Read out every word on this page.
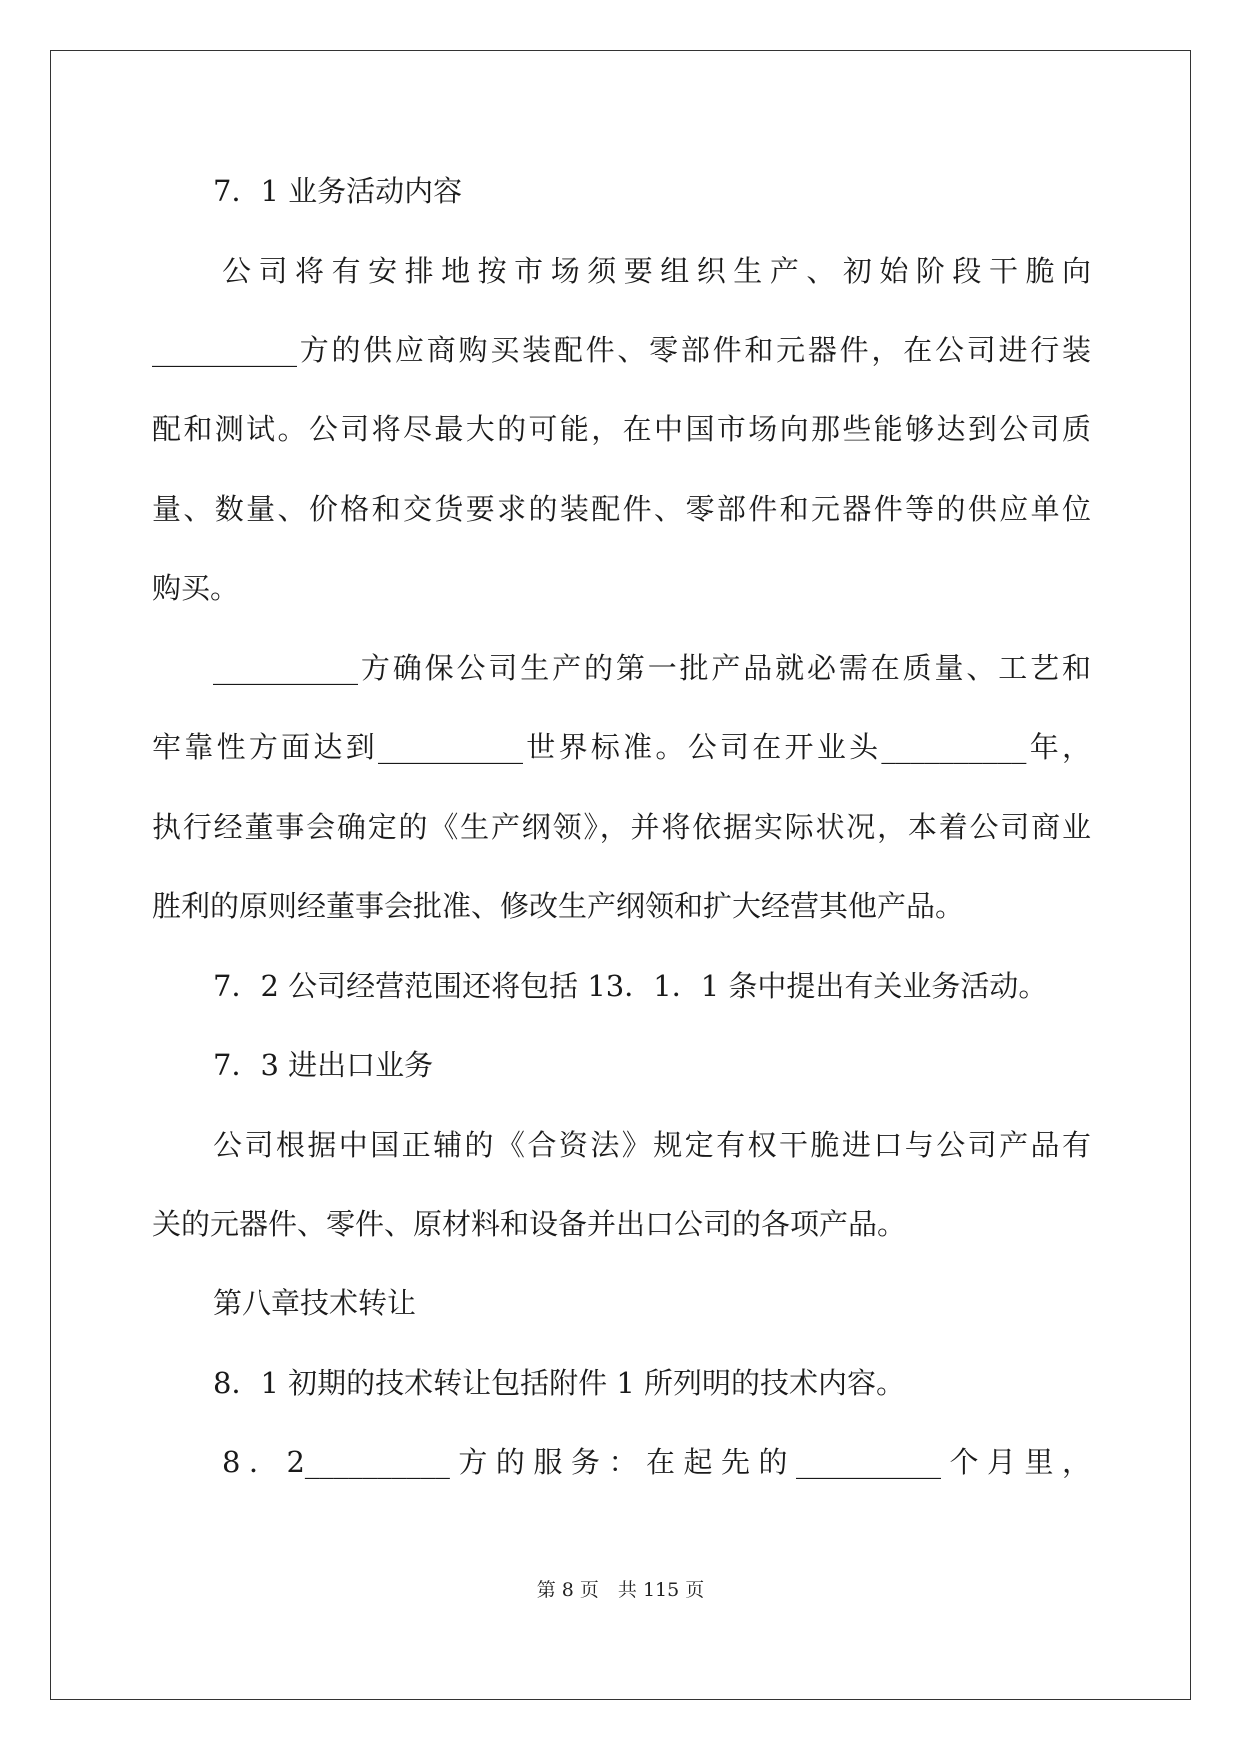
7．1 业务活动内容

公司将有安排地按市场须要组织生产、初始阶段干脆向

__________方的供应商购买装配件、零部件和元器件，在公司进行装

配和测试。公司将尽最大的可能，在中国市场向那些能够达到公司质

量、数量、价格和交货要求的装配件、零部件和元器件等的供应单位

购买。

__________方确保公司生产的第一批产品就必需在质量、工艺和

牢靠性方面达到__________世界标准。公司在开业头__________年，

执行经董事会确定的《生产纲领》，并将依据实际状况，本着公司商业

胜利的原则经董事会批准、修改生产纲领和扩大经营其他产品。

7．2 公司经营范围还将包括 13．1．1 条中提出有关业务活动。

7．3 进出口业务

公司根据中国正辅的《合资法》规定有权干脆进口与公司产品有

关的元器件、零件、原材料和设备并出口公司的各项产品。

第八章技术转让

8．1 初期的技术转让包括附件 1 所列明的技术内容。

8．2__________方的服务：在起先的__________个月里，

第 8 页　共 115 页
